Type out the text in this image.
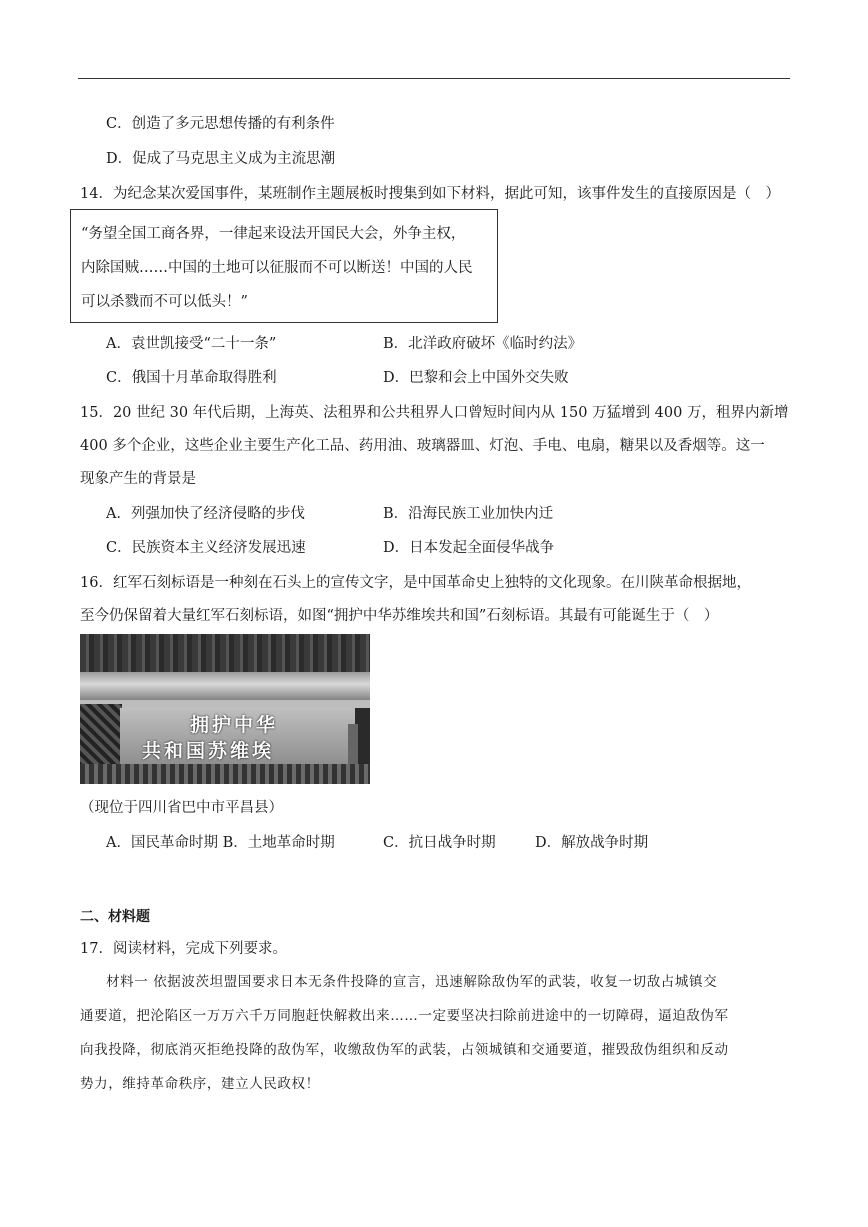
C．创造了多元思想传播的有利条件
D．促成了马克思主义成为主流思潮
14．为纪念某次爱国事件，某班制作主题展板时搜集到如下材料，据此可知，该事件发生的直接原因是（　）
“务望全国工商各界，一律起来设法开国民大会，外争主权，
内除国贼……中国的土地可以征服而不可以断送！中国的人民
可以杀戮而不可以低头！”
A．袁世凯接受“二十一条”	B．北洋政府破坏《临时约法》
C．俄国十月革命取得胜利	D．巴黎和会上中国外交失败
15．20 世纪 30 年代后期，上海英、法租界和公共租界人口曾短时间内从 150 万猛增到 400 万，租界内新增
400 多个企业，这些企业主要生产化工品、药用油、玻璃器皿、灯泡、手电、电扇，糖果以及香烟等。这一
现象产生的背景是
A．列强加快了经济侵略的步伐	B．沿海民族工业加快内迁
C．民族资本主义经济发展迅速	D．日本发起全面侵华战争
16．红军石刻标语是一种刻在石头上的宣传文字，是中国革命史上独特的文化现象。在川陕革命根据地，
至今仍保留着大量红军石刻标语，如图“拥护中华苏维埃共和国”石刻标语。其最有可能诞生于（　）
拥护中华
共和国苏维埃
（现位于四川省巴中市平昌县）
A．国民革命时期 B．土地革命时期	C．抗日战争时期	D．解放战争时期
二、材料题
17．阅读材料，完成下列要求。
材料一 依据波茨坦盟国要求日本无条件投降的宣言，迅速解除敌伪军的武装，收复一切敌占城镇交
通要道，把沦陷区一万万六千万同胞赶快解救出来……一定要坚决扫除前进途中的一切障碍，逼迫敌伪军
向我投降，彻底消灭拒绝投降的敌伪军，收缴敌伪军的武装，占领城镇和交通要道，摧毁敌伪组织和反动
势力，维持革命秩序，建立人民政权！
